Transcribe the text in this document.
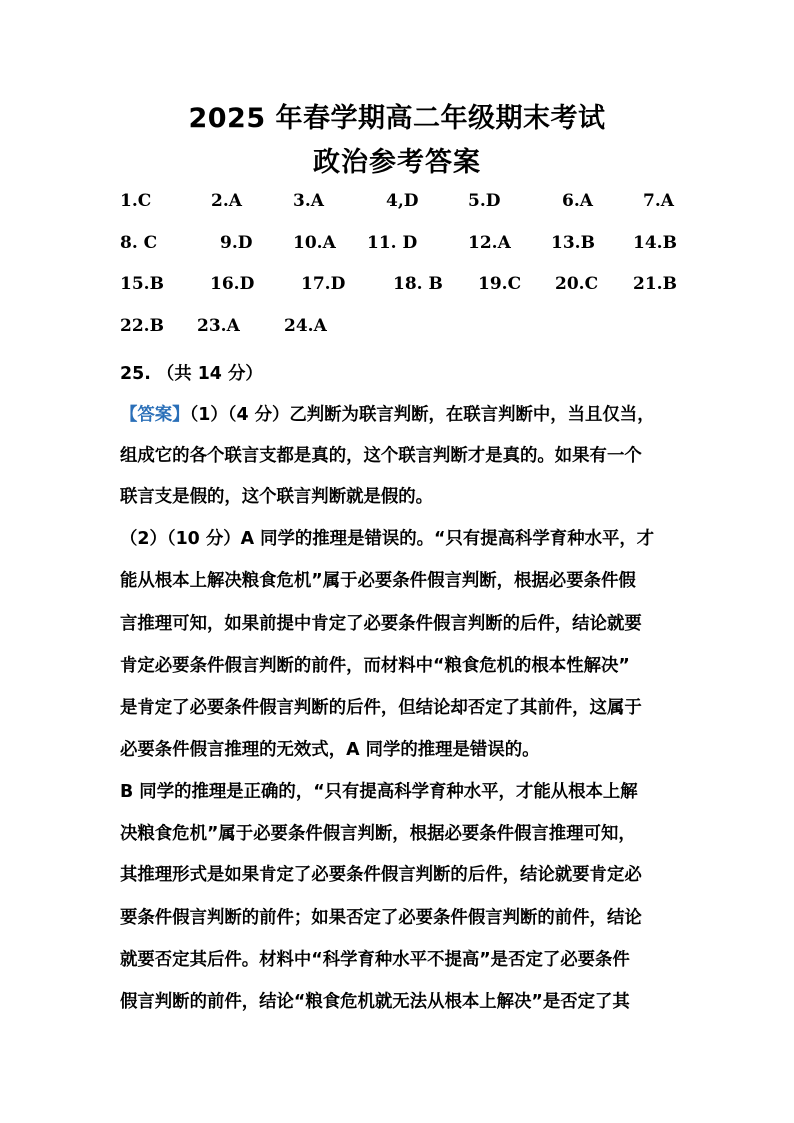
2025 年春学期高二年级期末考试
政治参考答案
1.C	2.A	3.A	4,D	5.D	6.A	7.A
8. C	9.D 10.A 11. D	12.A 13.B 14.B
15.B	16.D	17.D	18. B 19.C 20.C 21.B
22.B 23.A	24.A
25. （共 14 分）
【答案】（1）（4 分）乙判断为联言判断，在联言判断中，当且仅当，
组成它的各个联言支都是真的，这个联言判断才是真的。如果有一个
联言支是假的，这个联言判断就是假的。
（2）（10 分）A 同学的推理是错误的。“只有提高科学育种水平，才
能从根本上解决粮食危机”属于必要条件假言判断，根据必要条件假
言推理可知，如果前提中肯定了必要条件假言判断的后件，结论就要
肯定必要条件假言判断的前件，而材料中“粮食危机的根本性解决”
是肯定了必要条件假言判断的后件，但结论却否定了其前件，这属于
必要条件假言推理的无效式，A 同学的推理是错误的。
B 同学的推理是正确的，“只有提高科学育种水平，才能从根本上解
决粮食危机”属于必要条件假言判断，根据必要条件假言推理可知，
其推理形式是如果肯定了必要条件假言判断的后件，结论就要肯定必
要条件假言判断的前件；如果否定了必要条件假言判断的前件，结论
就要否定其后件。材料中“科学育种水平不提高”是否定了必要条件
假言判断的前件，结论“粮食危机就无法从根本上解决”是否定了其
